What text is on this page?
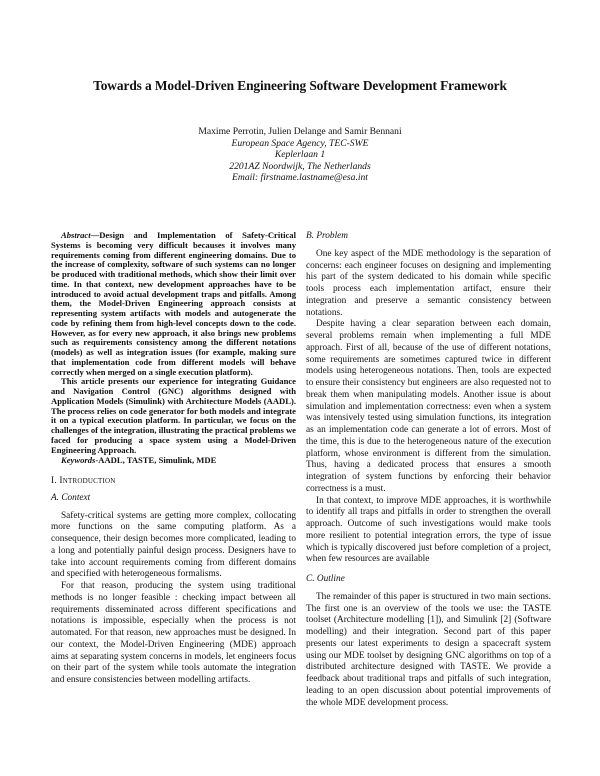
Towards a Model-Driven Engineering Software Development Framework
Maxime Perrotin, Julien Delange and Samir Bennani
European Space Agency, TEC-SWE
Keplerlaan 1
2201AZ Noordwijk, The Netherlands
Email: firstname.lastname@esa.int

Abstract—Design and Implementation of Safety-Critical Systems is becoming very difficult becauses it involves many requirements coming from different engineering domains. Due to the increase of complexity, software of such systems can no longer be produced with traditional methods, which show their limit over time. In that context, new development approaches have to be introduced to avoid actual development traps and pitfalls. Among them, the Model-Driven Engineering approach consists at representing system artifacts with models and autogenerate the code by refining them from high-level concepts down to the code. However, as for every new approach, it also brings new problems such as requirements consistency among the different notations (models) as well as integration issues (for example, making sure that implementation code from different models will behave correctly when merged on a single execution platform).

This article presents our experience for integrating Guidance and Navigation Control (GNC) algorithms designed with Application Models (Simulink) with Architecture Models (AADL). The process relies on code generator for both models and integrate it on a typical execution platform. In particular, we focus on the challenges of the integration, illustrating the practical problems we faced for producing a space system using a Model-Driven Engineering Approach.

Keywords-AADL, TASTE, Simulink, MDE

I. Introduction

A. Context

Safety-critical systems are getting more complex, collocating more functions on the same computing platform. As a consequence, their design becomes more complicated, leading to a long and potentially painful design process. Designers have to take into account requirements coming from different domains and specified with heterogeneous formalisms.

For that reason, producing the system using traditional methods is no longer feasible : checking impact between all requirements disseminated across different specifications and notations is impossible, especially when the process is not automated. For that reason, new approaches must be designed. In our context, the Model-Driven Engineering (MDE) approach aims at separating system concerns in models, let engineers focus on their part of the system while tools automate the integration and ensure consistencies between modelling artifacts.

B. Problem

One key aspect of the MDE methodology is the separation of concerns: each engineer focuses on designing and implementing his part of the system dedicated to his domain while specific tools process each implementation artifact, ensure their integration and preserve a semantic consistency between notations.

Despite having a clear separation between each domain, several problems remain when implementing a full MDE approach. First of all, because of the use of different notations, some requirements are sometimes captured twice in different models using heterogeneous notations. Then, tools are expected to ensure their consistency but engineers are also requested not to break them when manipulating models. Another issue is about simulation and implementation correctness: even when a system was intensively tested using simulation functions, its integration as an implementation code can generate a lot of errors. Most of the time, this is due to the heterogeneous nature of the execution platform, whose environment is different from the simulation. Thus, having a dedicated process that ensures a smooth integration of system functions by enforcing their behavior correctness is a must.

In that context, to improve MDE approaches, it is worthwhile to identify all traps and pitfalls in order to strengthen the overall approach. Outcome of such investigations would make tools more resilient to potential integration errors, the type of issue which is typically discovered just before completion of a project, when few resources are available

C. Outline

The remainder of this paper is structured in two main sections. The first one is an overview of the tools we use: the TASTE toolset (Architecture modelling [1]), and Simulink [2] (Software modelling) and their integration. Second part of this paper presents our latest experiments to design a spacecraft system using our MDE toolset by designing GNC algorithms on top of a distributed architecture designed with TASTE. We provide a feedback about traditional traps and pitfalls of such integration, leading to an open discussion about potential improvements of the whole MDE development process.
